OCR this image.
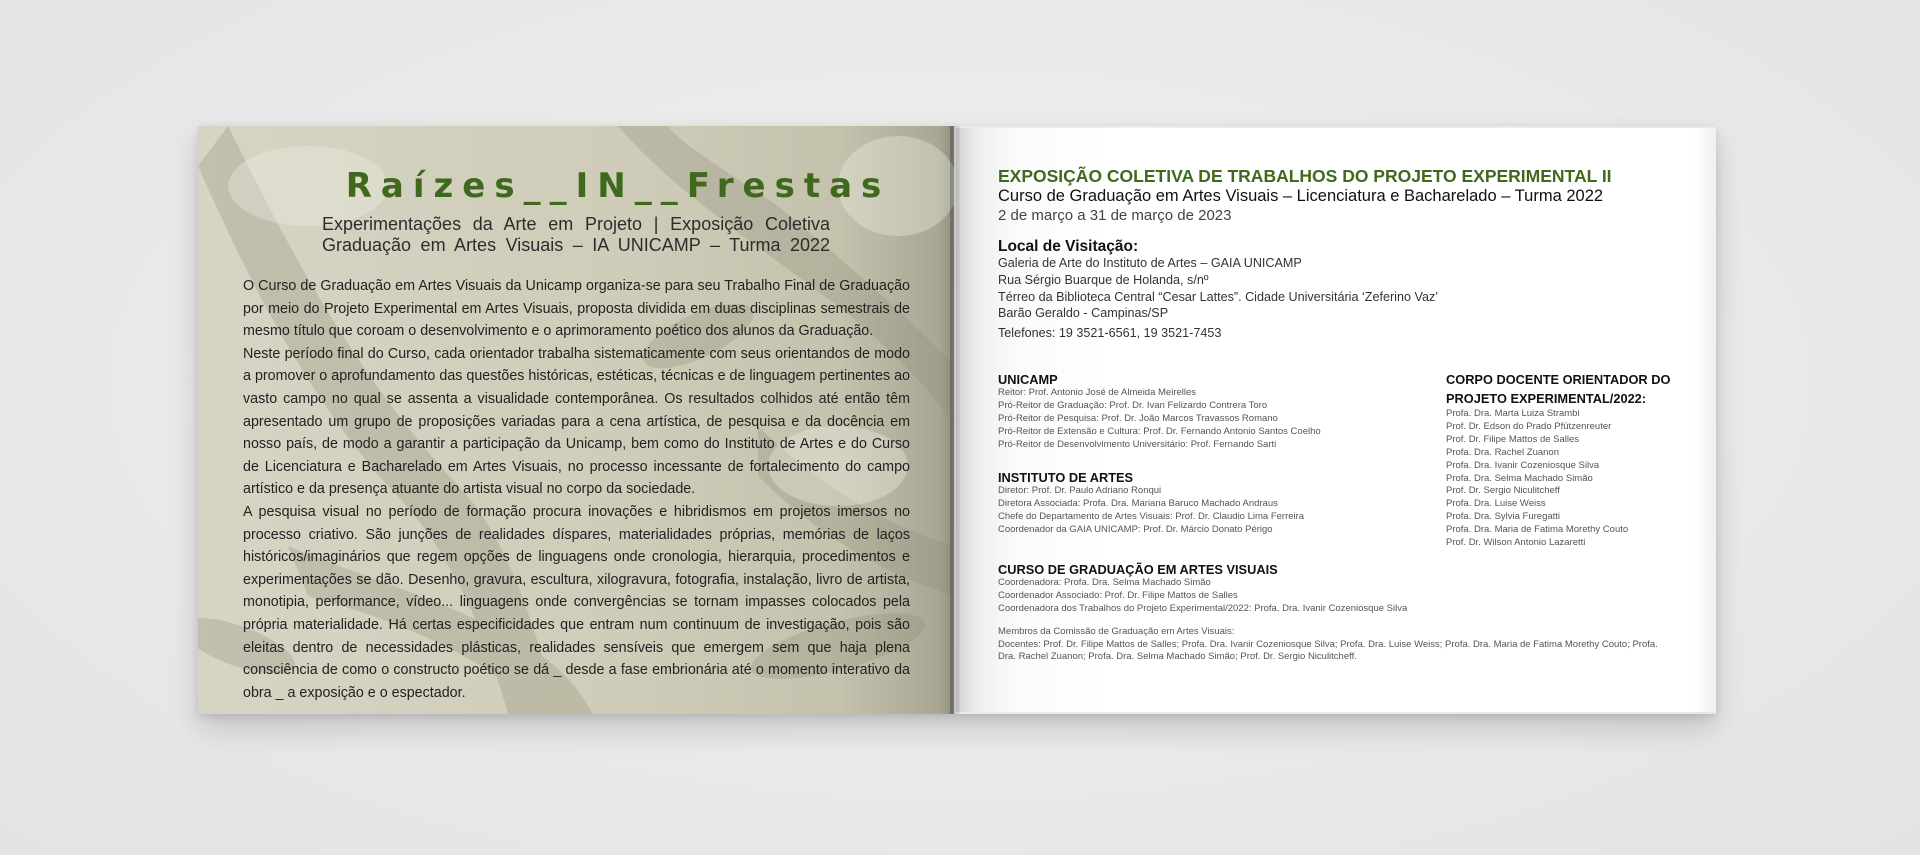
Raízes__IN__Frestas
Experimentações da Arte em Projeto | Exposição Coletiva
Graduação em Artes Visuais – IA UNICAMP – Turma 2022

O Curso de Graduação em Artes Visuais da Unicamp organiza-se para seu Trabalho Final de Graduação por meio do Projeto Experimental em Artes Visuais, proposta dividida em duas disciplinas semestrais de mesmo título que coroam o desenvolvimento e o aprimoramento poético dos alunos da Graduação.

Neste período final do Curso, cada orientador trabalha sistematicamente com seus orientandos de modo a promover o aprofundamento das questões históricas, estéticas, técnicas e de linguagem pertinentes ao vasto campo no qual se assenta a visualidade contemporânea. Os resultados colhidos até então têm apresentado um grupo de proposições variadas para a cena artística, de pesquisa e da docência em nosso país, de modo a garantir a participação da Unicamp, bem como do Instituto de Artes e do Curso de Licenciatura e Bacharelado em Artes Visuais, no processo incessante de fortalecimento do campo artístico e da presença atuante do artista visual no corpo da sociedade.

A pesquisa visual no período de formação procura inovações e hibridismos em projetos imersos no processo criativo. São junções de realidades díspares, materialidades próprias, memórias de laços históricos/imaginários que regem opções de linguagens onde cronologia, hierarquia, procedimentos e experimentações se dão. Desenho, gravura, escultura, xilogravura, fotografia, instalação, livro de artista, monotipia, performance, vídeo... linguagens onde convergências se tornam impasses colocados pela própria materialidade. Há certas especificidades que entram num continuum de investigação, pois são eleitas dentro de necessidades plásticas, realidades sensíveis que emergem sem que haja plena consciência de como o constructo poético se dá _ desde a fase embrionária até o momento interativo da obra _ a exposição e o espectador.

EXPOSIÇÃO COLETIVA DE TRABALHOS DO PROJETO EXPERIMENTAL II
Curso de Graduação em Artes Visuais – Licenciatura e Bacharelado – Turma 2022
2 de março a 31 de março de 2023
Local de Visitação:
Galeria de Arte do Instituto de Artes – GAIA UNICAMP
Rua Sérgio Buarque de Holanda, s/nº
Térreo da Biblioteca Central “Cesar Lattes”. Cidade Universitária ‘Zeferino Vaz’
Barão Geraldo - Campinas/SP
Telefones: 19 3521-6561, 19 3521-7453
UNICAMP
Reitor: Prof. Antonio José de Almeida Meirelles
Pró-Reitor de Graduação: Prof. Dr. Ivan Felizardo Contrera Toro
Pró-Reitor de Pesquisa: Prof. Dr. João Marcos Travassos Romano
Pró-Reitor de Extensão e Cultura: Prof. Dr. Fernando Antonio Santos Coelho
Pró-Reitor de Desenvolvimento Universitário: Prof. Fernando Sarti
INSTITUTO DE ARTES
Diretor: Prof. Dr. Paulo Adriano Ronqui
Diretora Associada: Profa. Dra. Mariana Baruco Machado Andraus
Chefe do Departamento de Artes Visuais: Prof. Dr. Claudio Lima Ferreira
Coordenador da GAIA UNICAMP: Prof. Dr. Márcio Donato Périgo
CURSO DE GRADUAÇÃO EM ARTES VISUAIS
Coordenadora: Profa. Dra. Selma Machado Simão
Coordenador Associado: Prof. Dr. Filipe Mattos de Salles
Coordenadora dos Trabalhos do Projeto Experimental/2022: Profa. Dra. Ivanir Cozeniosque Silva
Membros da Comissão de Graduação em Artes Visuais:
Docentes: Prof. Dr. Filipe Mattos de Salles; Profa. Dra. Ivanir Cozeniosque Silva; Profa. Dra. Luise Weiss; Profa. Dra. Maria de Fatima Morethy Couto; Profa. Dra. Rachel Zuanon; Profa. Dra. Selma Machado Simão; Prof. Dr. Sergio Niculitcheff.
CORPO DOCENTE ORIENTADOR DO
PROJETO EXPERIMENTAL/2022:
Profa. Dra. Marta Luiza Strambi
Prof. Dr. Edson do Prado Pfützenreuter
Prof. Dr. Filipe Mattos de Salles
Profa. Dra. Rachel Zuanon
Profa. Dra. Ivanir Cozeniosque Silva
Profa. Dra. Selma Machado Simão
Prof. Dr. Sergio Niculitcheff
Profa. Dra. Luise Weiss
Profa. Dra. Sylvia Furegatti
Profa. Dra. Maria de Fatima Morethy Couto
Prof. Dr. Wilson Antonio Lazaretti
